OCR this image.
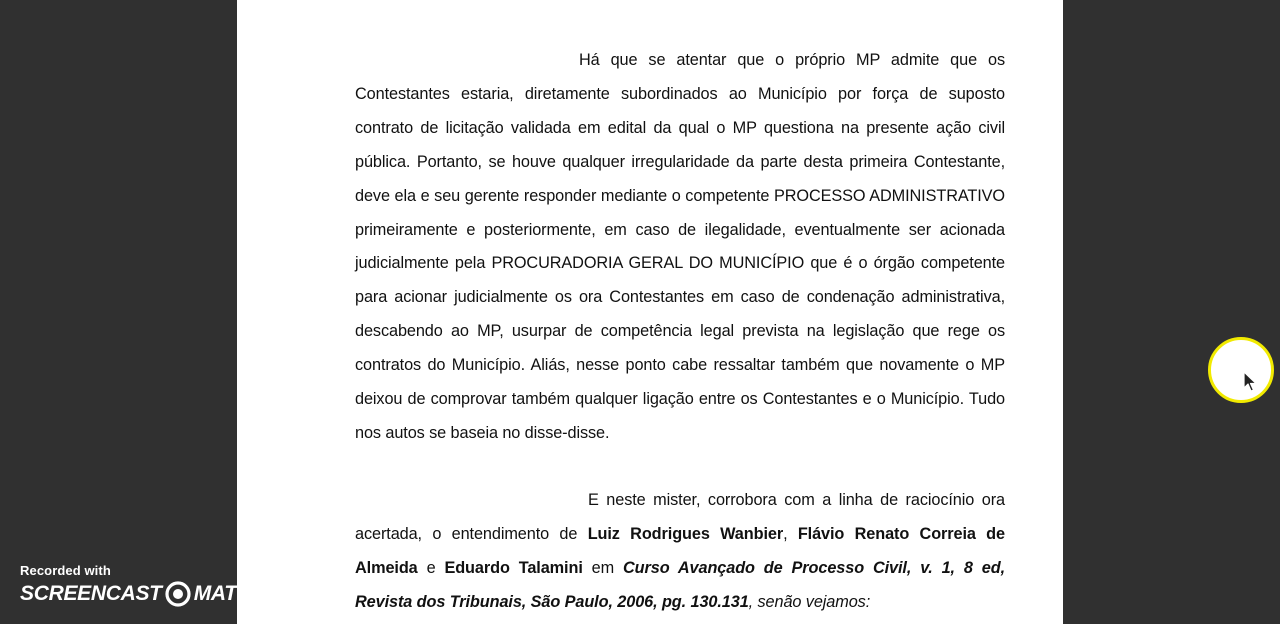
Há que se atentar que o próprio MP admite que os Contestantes estaria, diretamente subordinados ao Município por força de suposto contrato de licitação validada em edital da qual o MP questiona na presente ação civil pública. Portanto, se houve qualquer irregularidade da parte desta primeira Contestante, deve ela e seu gerente responder mediante o competente PROCESSO ADMINISTRATIVO primeiramente e posteriormente, em caso de ilegalidade, eventualmente ser acionada judicialmente pela PROCURADORIA GERAL DO MUNICÍPIO que é o órgão competente para acionar judicialmente os ora Contestantes em caso de condenação administrativa, descabendo ao MP, usurpar de competência legal prevista na legislação que rege os contratos do Município. Aliás, nesse ponto cabe ressaltar também que novamente o MP deixou de comprovar também qualquer ligação entre os Contestantes e o Município. Tudo nos autos se baseia no disse-disse.
E neste mister, corrobora com a linha de raciocínio ora acertada, o entendimento de Luiz Rodrigues Wanbier, Flávio Renato Correia de Almeida e Eduardo Talamini em Curso Avançado de Processo Civil, v. 1, 8 ed, Revista dos Tribunais, São Paulo, 2006, pg. 130.131, senão vejamos:
Recorded with
SCREENCAST MATIC
